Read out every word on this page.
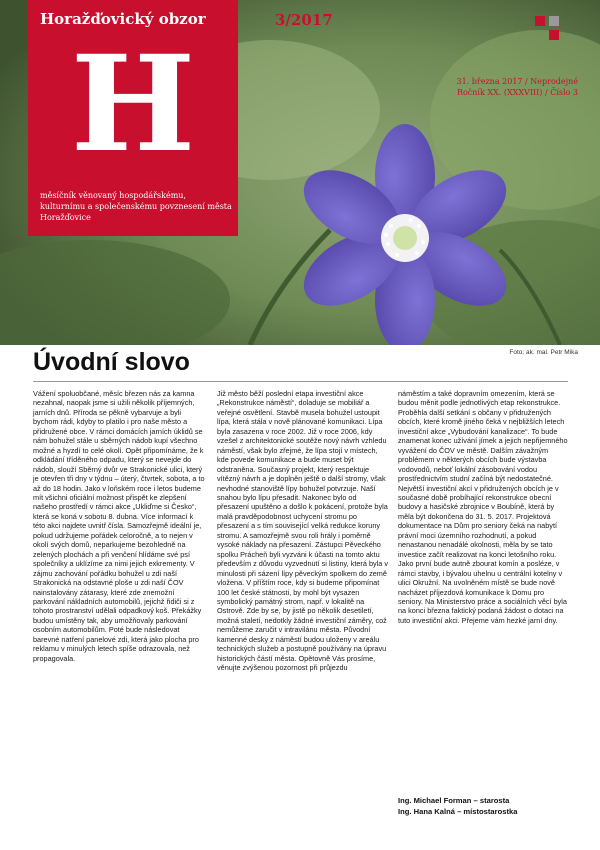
Horažďovický obzor
H
měsíčník věnovaný hospodářskému, kulturnímu a společenskému povznesení města Horažďovice
3/2017
31. března 2017 / Neprodejné
Ročník XX. (XXXVIII) / Číslo 3
Foto: ak. mal. Petr Mika
Úvodní slovo

Vážení spoluobčané, měsíc březen nás za kamna nezahnal, naopak jsme si užili několik příjemných, jarních dnů. Příroda se pěkně vybarvuje a byli bychom rádi, kdyby to platilo i pro naše město a přidružené obce. V rámci domácích jarních úklidů se nám bohužel stále u sběrných nádob kupí všechno možné a hyzdí to celé okolí. Opět připomínáme, že k odkládání tříděného odpadu, který se nevejde do nádob, slouží Sběrný dvůr ve Strakonické ulici, který je otevřen tři dny v týdnu – úterý, čtvrtek, sobota, a to až do 18 hodin. Jako v loňském roce i letos budeme mít všichni oficiální možnost přispět ke zlepšení našeho prostředí v rámci akce „Ukliďme si Česko“, která se koná v sobotu 8. dubna. Více informací k této akci najdete uvnitř čísla. Samozřejmě ideální je, pokud udržujeme pořádek celoročně, a to nejen v okolí svých domů, neparkujeme bezohledně na zelených plochách a při venčení hlídáme své psí společníky a uklízíme za nimi jejich exkrementy. V zájmu zachování pořádku bohužel u zdi naší Strakonická na odstavné ploše u zdi naší ČOV nainstalovány zátarasy, které zde znemožní parkování nákladních automobilů, jejichž řidiči si z tohoto prostranství udělali odpadkový koš. Překážky budou umístěny tak, aby umožňovaly parkování osobním automobilům. Poté bude následovat barevné natření panelové zdi, která jako plocha pro reklamu v minulých letech spíše odrazovala, než propagovala.

Již město běží poslední etapa investiční akce „Rekonstrukce náměstí“, doladuje se mobiliář a veřejné osvětlení. Stavbě musela bohužel ustoupit lípa, která stála v nově plánované komunikaci. Lípa byla zasazena v roce 2002. Již v roce 2006, kdy vzešel z architektonické soutěže nový návrh vzhledu náměstí, však bylo zřejmé, že lípa stojí v místech, kde povede komunikace a bude muset být odstraněna. Současný projekt, který respektuje vítězný návrh a je doplněn ještě o další stromy, však nevhodné stanoviště lípy bohužel potvrzuje. Naší snahou bylo lípu přesadit. Nakonec bylo od přesazení upuštěno a došlo k pokácení, protože byla malá pravděpodobnost uchycení stromu po přesazení a s tím související velká redukce koruny stromu. A samozřejmě svou roli hrály i poměrně vysoké náklady na přesazení. Zástupci Pěveckého spolku Prácheň byli vyzváni k účasti na tomto aktu především z důvodu vyzvednutí si listiny, která byla v minulosti při sázení lípy pěveckým spolkem do země vložena. V příštím roce, kdy si budeme připomínat 100 let české státnosti, by mohl být vysazen symbolický památný strom, např. v lokalitě na Ostrově. Zde by se, by jistě po několik desetiletí, možná staletí, nedotkly žádné investiční záměry, což nemůžeme zaručit v intravilánu města. Původní kamenné desky z náměstí budou uloženy v areálu technických služeb a postupně používány na úpravu historických částí města. Opětovně Vás prosíme, věnujte zvýšenou pozornost při průjezdu

náměstím a také dopravním omezením, která se budou měnit podle jednotlivých etap rekonstrukce. Proběhla další setkání s občany v přidružených obcích, které kromě jiného čeká v nejbližších letech investiční akce „Vybudování kanalizace“. To bude znamenat konec užívání jímek a jejich nepřijemného vyvážení do ČOV ve městě. Dalším závažným problémem v některých obcích bude výstavba vodovodů, neboť lokální zásobování vodou prostřednictvím studní začíná být nedostatečné. Největší investiční akcí v přidružených obcích je v současné době probíhající rekonstrukce obecní budovy a hasičské zbrojnice v Boubíně, která by měla být dokončena do 31. 5. 2017. Projektová dokumentace na Dům pro seniory čeká na nabytí právní moci územního rozhodnutí, a pokud nenastanou nenadálé okolnosti, měla by se tato investice začít realizovat na konci letošního roku. Jako první bude autně zbourat komín a posléze, v rámci stavby, i bývalou uhelnu u centrální kotelny v ulici Okružní. Na uvolněném místě se bude nově nacházet příjezdová komunikace k Domu pro seniory. Na Ministerstvo práce a sociálních věcí byla na konci března faktický podaná žádost o dotaci na tuto investiční akci. Přejeme vám hezké jarní dny.

Ing. Michael Forman – starosta
Ing. Hana Kalná – místostarostka
